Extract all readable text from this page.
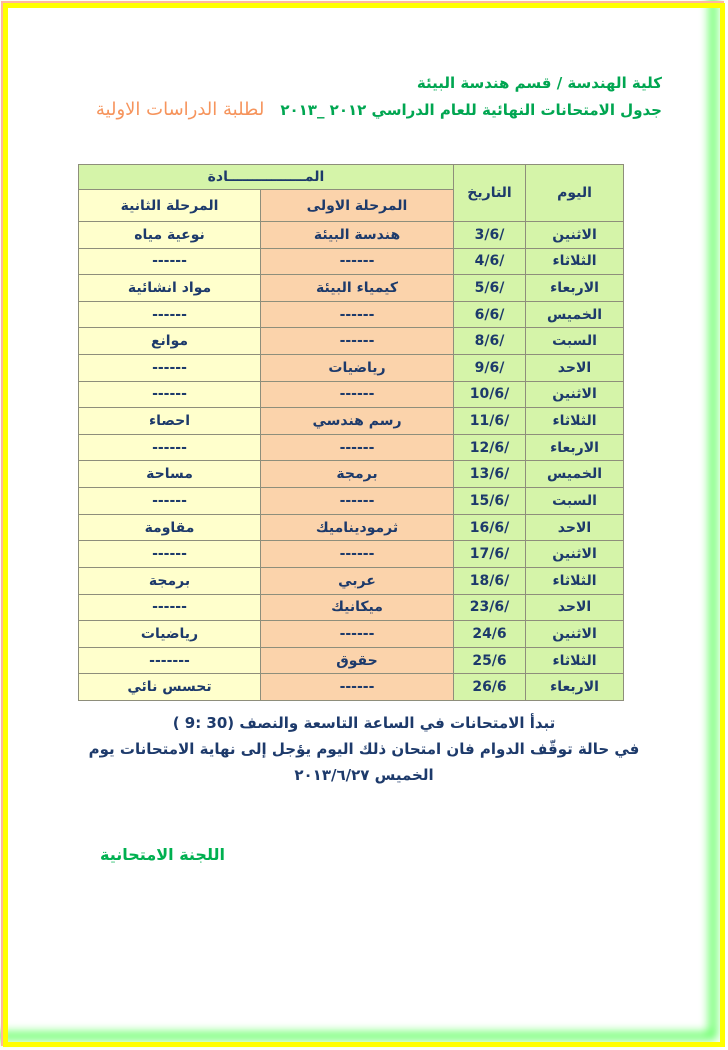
كلية الهندسة / قسم هندسة البيئة

جدول الامتحانات النهائية للعام الدراسي ٢٠١٢ _٢٠١٣لطلبة الدراسات الاولية

اليوم	التاريخ	المــــــــــــــــادة	
		المرحلة الاولى	المرحلة الثانية
الاثنين	3/6/	هندسة البيئة	نوعية مياه
الثلاثاء	4/6/	------	------
الاربعاء	5/6/	كيمياء البيئة	مواد انشائية
الخميس	6/6/	------	------
السبت	8/6/	------	موانع
الاحد	9/6/	رياضيات	------
الاثنين	10/6/	------	------
الثلاثاء	11/6/	رسم هندسي	احصاء
الاربعاء	12/6/	------	------
الخميس	13/6/	برمجة	مساحة
السبت	15/6/	------	------
الاحد	16/6/	ثرموديناميك	مقاومة
الاثنين	17/6/	------	------
الثلاثاء	18/6/	عربي	برمجة
الاحد	23/6/	ميكانيك	------
الاثنين	24/6	------	رياضيات
الثلاثاء	25/6	حقوق	-------
الاربعاء	26/6	------	تحسس نائي
تبدأ الامتحانات في الساعة التاسعة والنصف ( 9: 30)
في حالة توقّف الدوام فان امتحان ذلك اليوم يؤجل إلى نهاية الامتحانات يوم
الخميس ٢٠١٣/٦/٢٧
اللجنة الامتحانية
